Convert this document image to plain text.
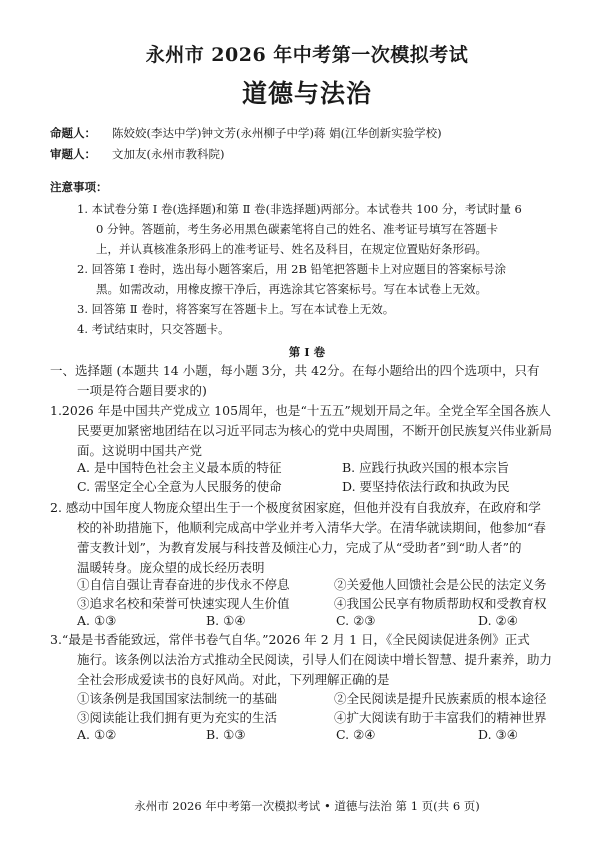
永州市 2026 年中考第一次模拟考试
道德与法治
命题人： 陈姣姣(李达中学)钟文芳(永州柳子中学)蒋 娟(江华创新实验学校)
审题人： 文加友(永州市教科院)
注意事项：
1. 本试卷分第 Ⅰ 卷(选择题)和第 Ⅱ 卷(非选择题)两部分。本试卷共 100 分，考试时量 6
0 分钟。答题前，考生务必用黑色碳素笔将自己的姓名、准考证号填写在答题卡
上，并认真核准条形码上的准考证号、姓名及科目，在规定位置贴好条形码。
2. 回答第 Ⅰ 卷时，选出每小题答案后，用 2B 铅笔把答题卡上对应题目的答案标号涂
黑。如需改动，用橡皮擦干净后，再选涂其它答案标号。写在本试卷上无效。
3. 回答第 Ⅱ 卷时，将答案写在答题卡上。写在本试卷上无效。
4. 考试结束时，只交答题卡。
第 Ⅰ 卷
一、选择题 (本题共 14 小题，每小题 3分，共 42分。在每小题给出的四个选项中，只有
一项是符合题目要求的)
1.2026 年是中国共产党成立 105周年，也是“十五五”规划开局之年。全党全军全国各族人
民要更加紧密地团结在以习近平同志为核心的党中央周围，不断开创民族复兴伟业新局
面。这说明中国共产党
A. 是中国特色社会主义最本质的特征	B. 应践行执政兴国的根本宗旨
C. 需坚定全心全意为人民服务的使命	D. 要坚持依法行政和执政为民
2. 感动中国年度人物庞众望出生于一个极度贫困家庭，但他并没有自我放弃，在政府和学
校的补助措施下，他顺利完成高中学业并考入清华大学。在清华就读期间，他参加“春
蕾支教计划”，为教育发展与科技普及倾注心力，完成了从“受助者”到“助人者”的
温暖转身。庞众望的成长经历表明
①自信自强让青春奋进的步伐永不停息	②关爱他人回馈社会是公民的法定义务
③追求名校和荣誉可快速实现人生价值	④我国公民享有物质帮助权和受教育权
A. ①③	B. ①④	C. ②③	D. ②④
3.“最是书香能致远，常伴书卷气自华。”2026 年 2 月 1 日，《全民阅读促进条例》正式
施行。该条例以法治方式推动全民阅读，引导人们在阅读中增长智慧、提升素养，助力
全社会形成爱读书的良好风尚。对此，下列理解正确的是
①该条例是我国国家法制统一的基础	②全民阅读是提升民族素质的根本途径
③阅读能让我们拥有更为充实的生活	④扩大阅读有助于丰富我们的精神世界
A. ①②	B. ①③	C. ②④	D. ③④
永州市 2026 年中考第一次模拟考试 • 道德与法治 第 1 页(共 6 页)
